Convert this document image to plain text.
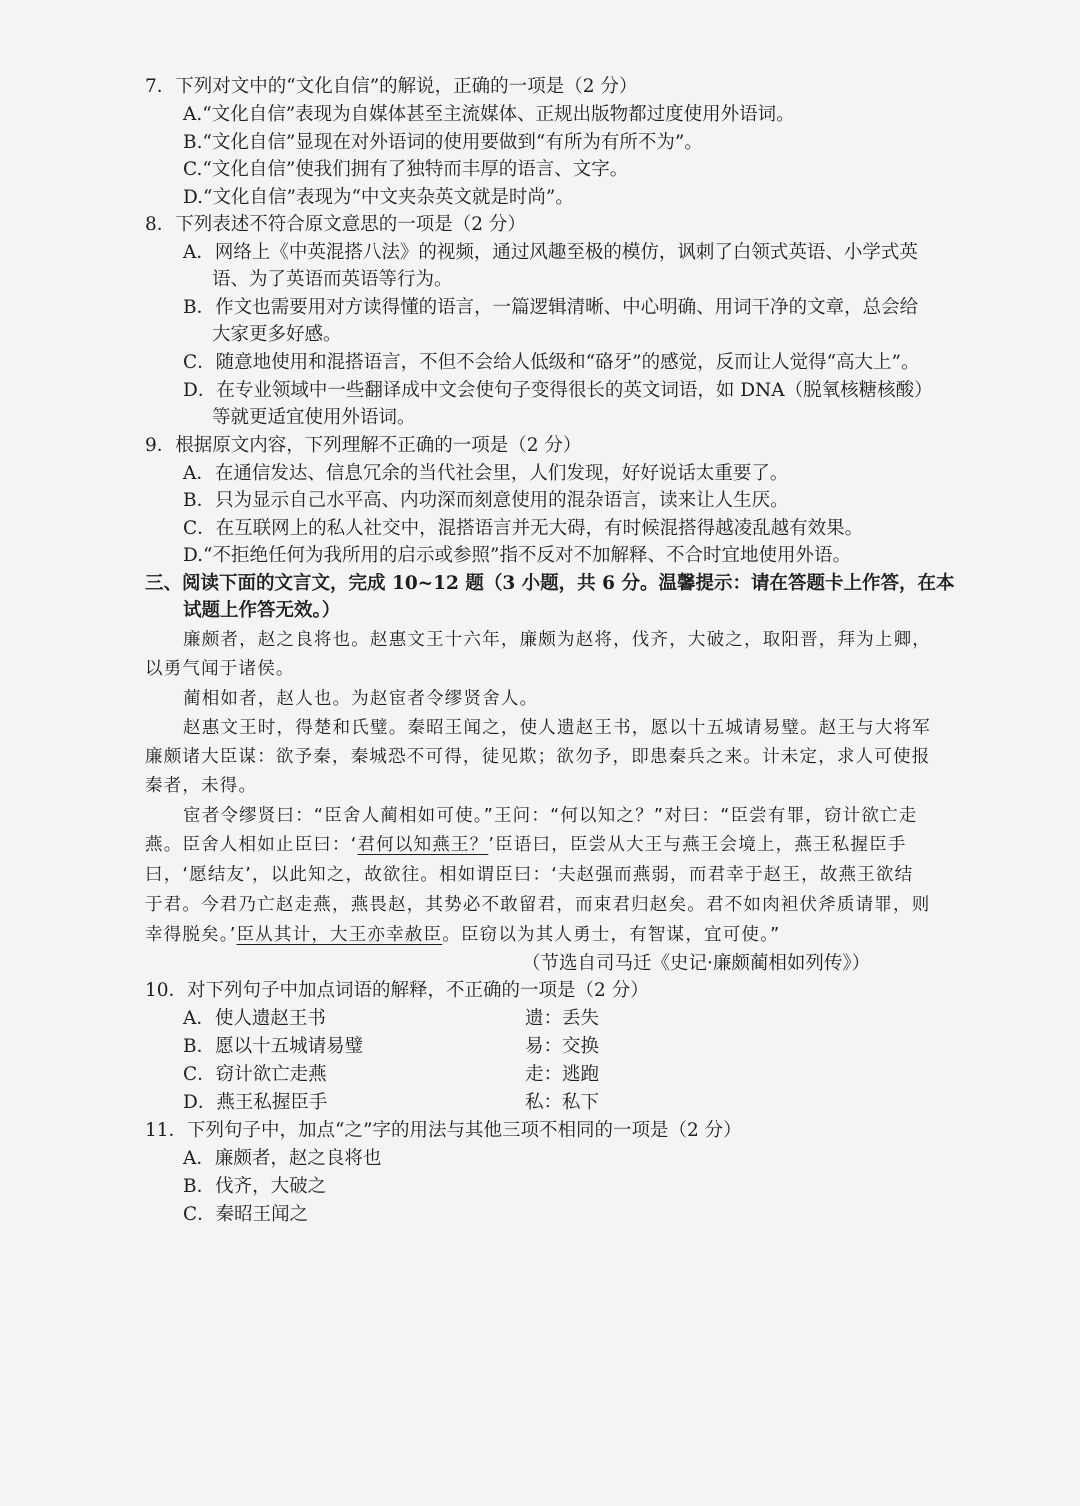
7．下列对文中的“文化自信”的解说，正确的一项是（2 分）
A.“文化自信”表现为自媒体甚至主流媒体、正规出版物都过度使用外语词。
B.“文化自信”显现在对外语词的使用要做到“有所为有所不为”。
C.“文化自信”使我们拥有了独特而丰厚的语言、文字。
D.“文化自信”表现为“中文夹杂英文就是时尚”。
8．下列表述不符合原文意思的一项是（2 分）
A．网络上《中英混搭八法》的视频，通过风趣至极的模仿，讽刺了白领式英语、小学式英
语、为了英语而英语等行为。
B．作文也需要用对方读得懂的语言，一篇逻辑清晰、中心明确、用词干净的文章，总会给
大家更多好感。
C．随意地使用和混搭语言，不但不会给人低级和“硌牙”的感觉，反而让人觉得“高大上”。
D．在专业领域中一些翻译成中文会使句子变得很长的英文词语，如 DNA（脱氧核糖核酸）
等就更适宜使用外语词。
9．根据原文内容，下列理解不正确的一项是（2 分）
A．在通信发达、信息冗余的当代社会里，人们发现，好好说话太重要了。
B．只为显示自己水平高、内功深而刻意使用的混杂语言，读来让人生厌。
C．在互联网上的私人社交中，混搭语言并无大碍，有时候混搭得越凌乱越有效果。
D.“不拒绝任何为我所用的启示或参照”指不反对不加解释、不合时宜地使用外语。
三、阅读下面的文言文，完成 10~12 题（3 小题，共 6 分。温馨提示：请在答题卡上作答，在本
试题上作答无效。）
廉颇者，赵之良将也。赵惠文王十六年，廉颇为赵将，伐齐，大破之，取阳晋，拜为上卿，
以勇气闻于诸侯。
蔺相如者，赵人也。为赵宦者令缪贤舍人。
赵惠文王时，得楚和氏璧。秦昭王闻之，使人遗赵王书，愿以十五城请易璧。赵王与大将军
廉颇诸大臣谋：欲予秦，秦城恐不可得，徒见欺；欲勿予，即患秦兵之来。计未定，求人可使报
秦者，未得。
宦者令缪贤曰：“臣舍人蔺相如可使。”王问：“何以知之？”对曰：“臣尝有罪，窃计欲亡走
燕。臣舍人相如止臣曰：‘君何以知燕王？’臣语曰，臣尝从大王与燕王会境上，燕王私握臣手
曰，‘愿结友’，以此知之，故欲往。相如谓臣曰：‘夫赵强而燕弱，而君幸于赵王，故燕王欲结
于君。今君乃亡赵走燕，燕畏赵，其势必不敢留君，而束君归赵矣。君不如肉袒伏斧质请罪，则
幸得脱矣。’臣从其计，大王亦幸赦臣。臣窃以为其人勇士，有智谋，宜可使。”
（节选自司马迁《史记·廉颇蔺相如列传》）
10．对下列句子中加点词语的解释，不正确的一项是（2 分）
A．使人遗赵王书	遗：丢失
B．愿以十五城请易璧	易：交换
C．窃计欲亡走燕	走：逃跑
D．燕王私握臣手	私：私下
11．下列句子中，加点“之”字的用法与其他三项不相同的一项是（2 分）
A．廉颇者，赵之良将也
B．伐齐，大破之
C．秦昭王闻之
